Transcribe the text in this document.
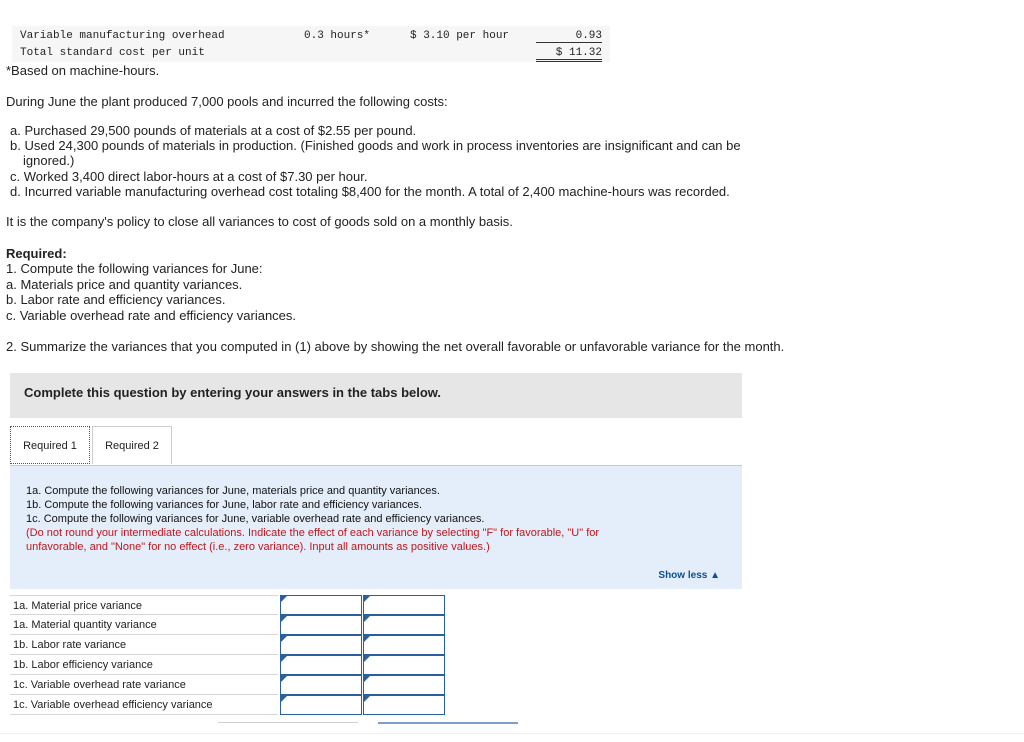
Variable manufacturing overhead	0.3 hours*	$ 3.10 per hour	0.93
Total standard cost per unit	$ 11.32
*Based on machine-hours.
During June the plant produced 7,000 pools and incurred the following costs:
a. Purchased 29,500 pounds of materials at a cost of $2.55 per pound.
b. Used 24,300 pounds of materials in production. (Finished goods and work in process inventories are insignificant and can be
ignored.)
c. Worked 3,400 direct labor-hours at a cost of $7.30 per hour.
d. Incurred variable manufacturing overhead cost totaling $8,400 for the month. A total of 2,400 machine-hours was recorded.
It is the company's policy to close all variances to cost of goods sold on a monthly basis.
Required:
1. Compute the following variances for June:
a. Materials price and quantity variances.
b. Labor rate and efficiency variances.
c. Variable overhead rate and efficiency variances.
2. Summarize the variances that you computed in (1) above by showing the net overall favorable or unfavorable variance for the month.
Complete this question by entering your answers in the tabs below.
Required 1	Required 2
1a. Compute the following variances for June, materials price and quantity variances.
1b. Compute the following variances for June, labor rate and efficiency variances.
1c. Compute the following variances for June, variable overhead rate and efficiency variances.
(Do not round your intermediate calculations. Indicate the effect of each variance by selecting "F" for favorable, "U" for
unfavorable, and "None" for no effect (i.e., zero variance). Input all amounts as positive values.)
Show less ▲
1a. Material price variance
1a. Material quantity variance
1b. Labor rate variance
1b. Labor efficiency variance
1c. Variable overhead rate variance
1c. Variable overhead efficiency variance
